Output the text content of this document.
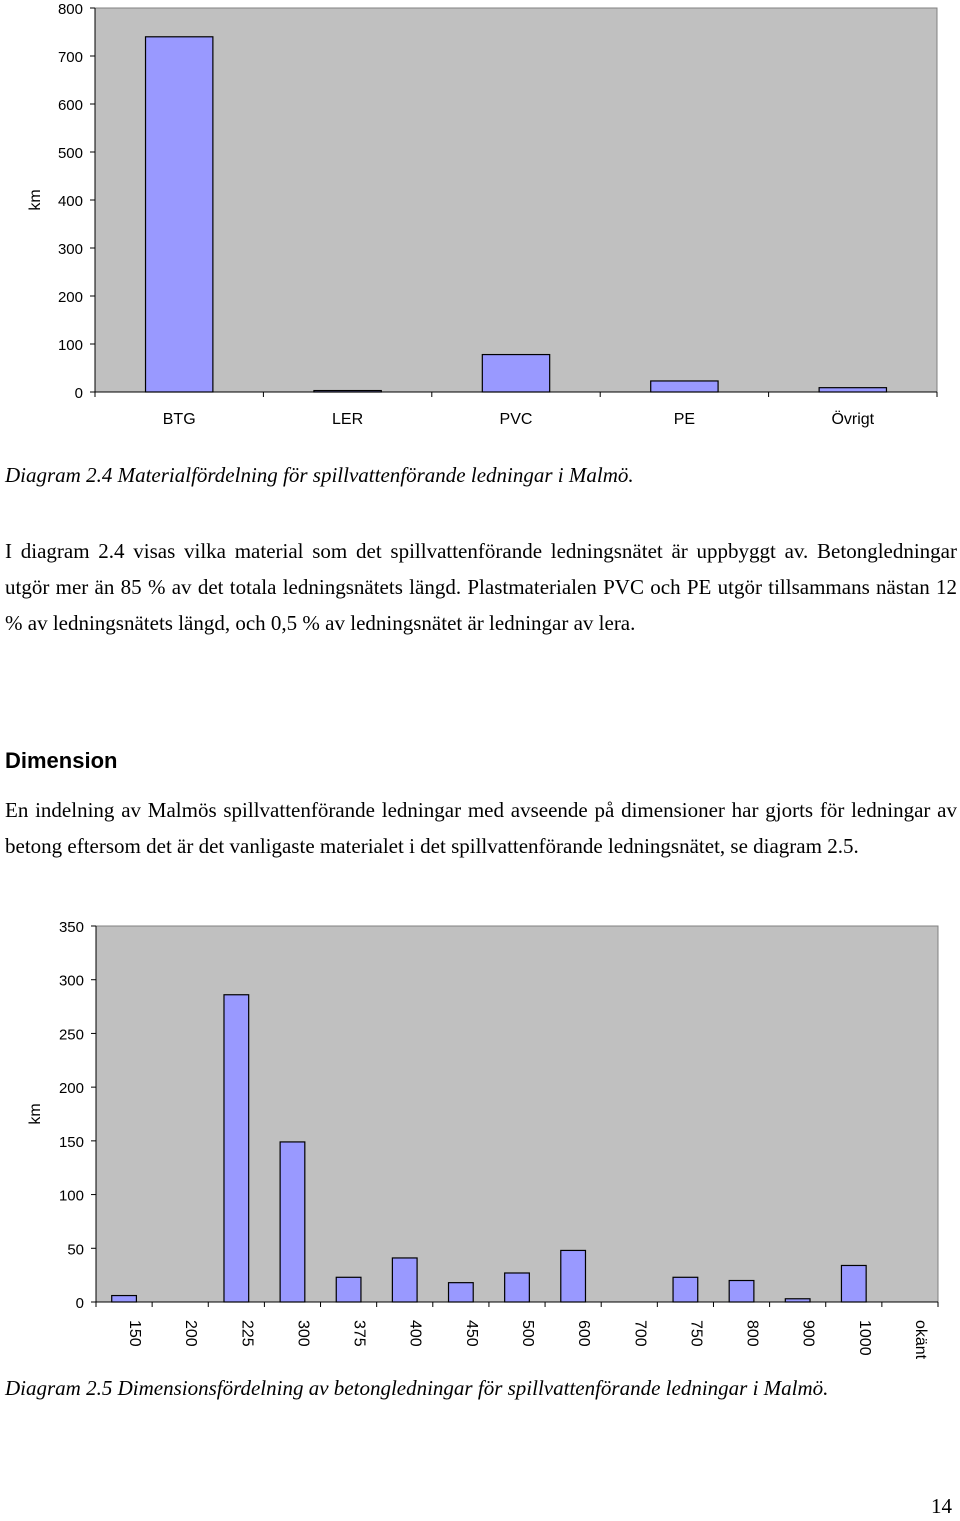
0
100
200
300
400
500
600
700
800
BTG	LER	PVC	PE	Övrigt
km
Diagram 2.4 Materialfördelning för spillvattenförande ledningar i Malmö.
I diagram 2.4 visas vilka material som det spillvattenförande ledningsnätet är uppbyggt av. Betongledningar utgör mer än 85 % av det totala ledningsnätets längd. Plastmaterialen PVC och PE utgör tillsammans nästan 12 % av ledningsnätets längd, och 0,5 % av ledningsnätet är ledningar av lera.
Dimension
En indelning av Malmös spillvattenförande ledningar med avseende på dimensioner har gjorts för ledningar av betong eftersom det är det vanligaste materialet i det spillvattenförande ledningsnätet, se diagram 2.5.
0
50
100
150
200
250
300
350
150 200 225 300 375 400 450 500 600 700 750 800 900 1000 okänt
km
Diagram 2.5 Dimensionsfördelning av betongledningar för spillvattenförande ledningar i Malmö.
14
